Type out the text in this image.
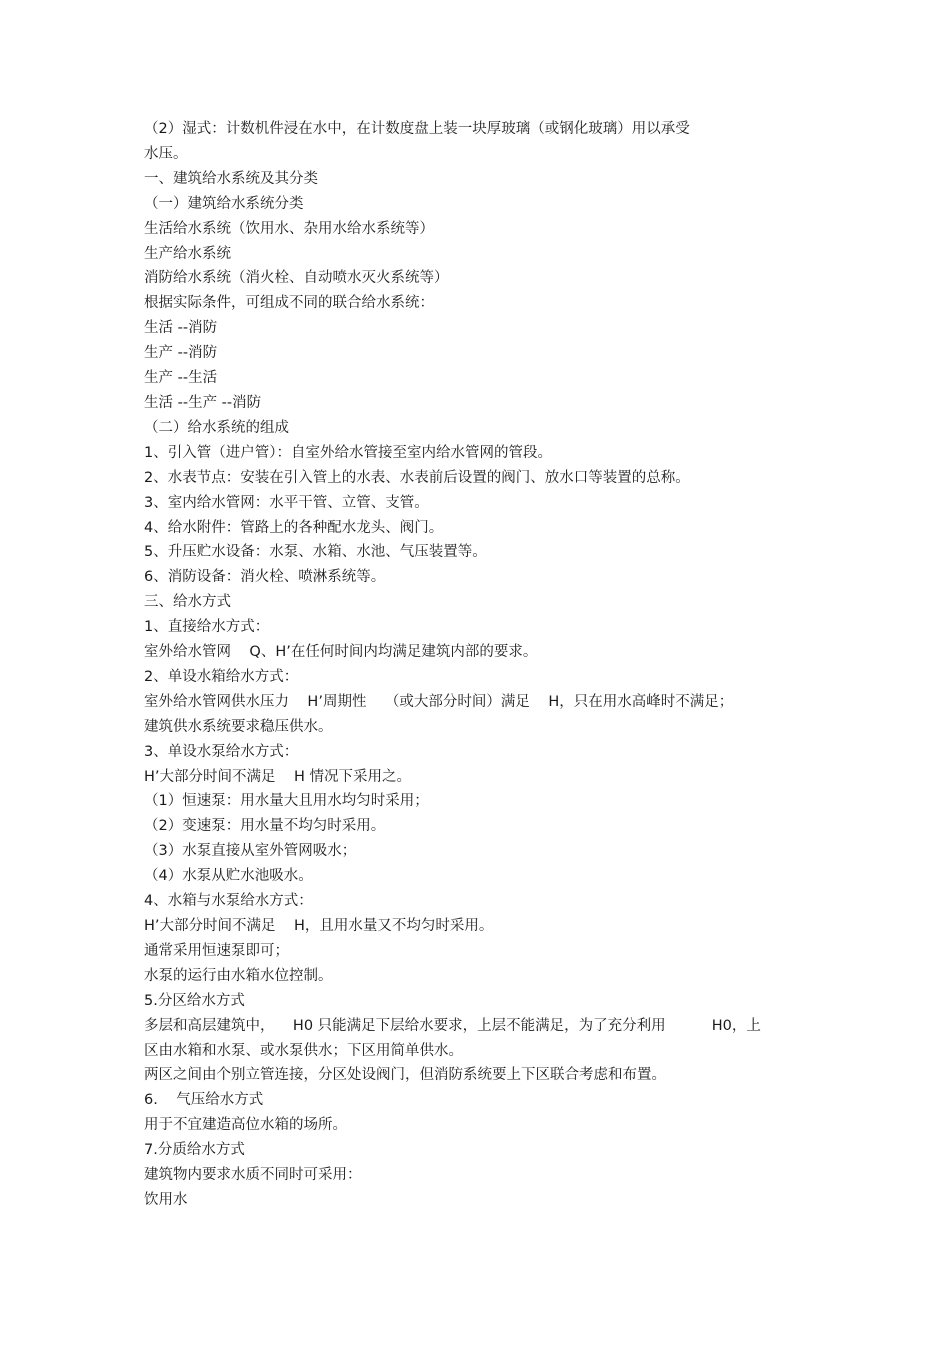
（2）湿式：计数机件浸在水中，在计数度盘上装一块厚玻璃（或钢化玻璃）用以承受
水压。
一、建筑给水系统及其分类
（一）建筑给水系统分类
生活给水系统（饮用水、杂用水给水系统等）
生产给水系统
消防给水系统（消火栓、自动喷水灭火系统等）
根据实际条件，可组成不同的联合给水系统：
生活 --消防
生产 --消防
生产 --生活
生活 --生产 --消防
（二）给水系统的组成
1、引入管（进户管）：自室外给水管接至室内给水管网的管段。
2、水表节点：安装在引入管上的水表、水表前后设置的阀门、放水口等装置的总称。
3、室内给水管网：水平干管、立管、支管。
4、给水附件：管路上的各种配水龙头、阀门。
5、升压贮水设备：水泵、水箱、水池、气压装置等。
6、消防设备：消火栓、喷淋系统等。
三、给水方式
1、直接给水方式：
室外给水管网    Q、H’在任何时间内均满足建筑内部的要求。
2、单设水箱给水方式：
室外给水管网供水压力    H’周期性    （或大部分时间）满足    H，只在用水高峰时不满足；
建筑供水系统要求稳压供水。
3、单设水泵给水方式：
H’大部分时间不满足    H 情况下采用之。
（1）恒速泵：用水量大且用水均匀时采用；
（2）变速泵：用水量不均匀时采用。
（3）水泵直接从室外管网吸水；
（4）水泵从贮水池吸水。
4、水箱与水泵给水方式：
H’大部分时间不满足    H，且用水量又不均匀时采用。
通常采用恒速泵即可；
水泵的运行由水箱水位控制。
5.分区给水方式
多层和高层建筑中，    H0 只能满足下层给水要求，上层不能满足，为了充分利用          H0，上
区由水箱和水泵、或水泵供水；下区用简单供水。
两区之间由个别立管连接，分区处设阀门，但消防系统要上下区联合考虑和布置。
6.    气压给水方式
用于不宜建造高位水箱的场所。
7.分质给水方式
建筑物内要求水质不同时可采用：
饮用水
